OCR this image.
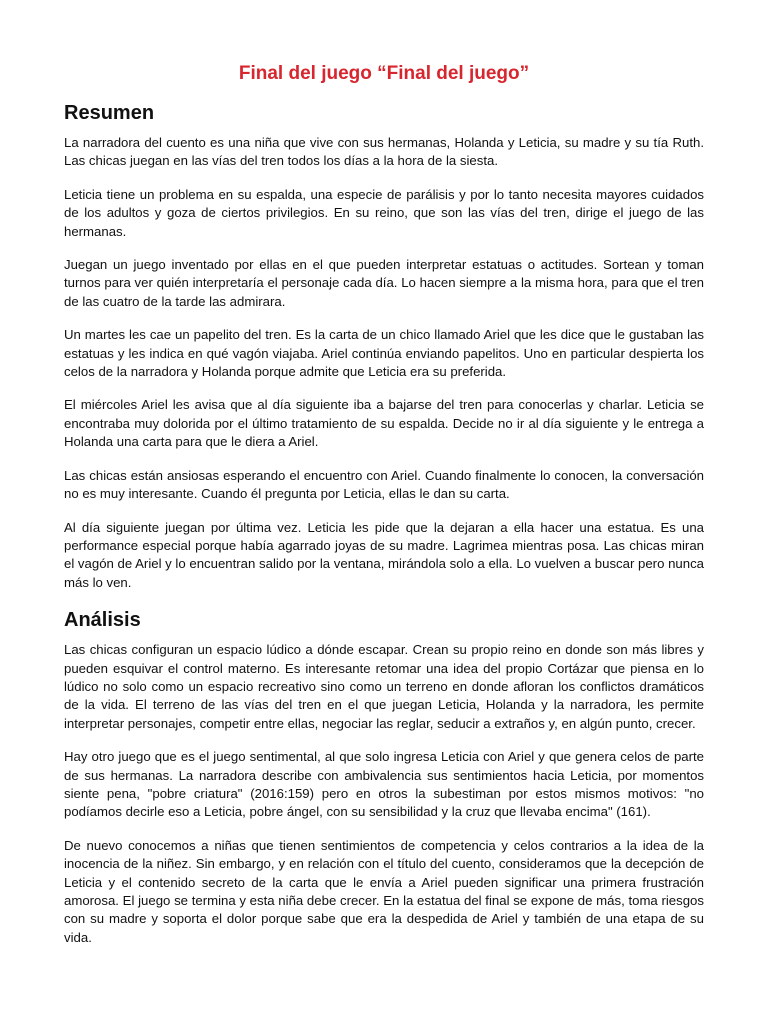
Final del juego “Final del juego”
Resumen

La narradora del cuento es una niña que vive con sus hermanas, Holanda y Leticia, su madre y su tía Ruth. Las chicas juegan en las vías del tren todos los días a la hora de la siesta.

Leticia tiene un problema en su espalda, una especie de parálisis y por lo tanto necesita mayores cuidados de los adultos y goza de ciertos privilegios. En su reino, que son las vías del tren, dirige el juego de las hermanas.

Juegan un juego inventado por ellas en el que pueden interpretar estatuas o actitudes. Sortean y toman turnos para ver quién interpretaría el personaje cada día. Lo hacen siempre a la misma hora, para que el tren de las cuatro de la tarde las admirara.

Un martes les cae un papelito del tren. Es la carta de un chico llamado Ariel que les dice que le gustaban las estatuas y les indica en qué vagón viajaba. Ariel continúa enviando papelitos. Uno en particular despierta los celos de la narradora y Holanda porque admite que Leticia era su preferida.

El miércoles Ariel les avisa que al día siguiente iba a bajarse del tren para conocerlas y charlar. Leticia se encontraba muy dolorida por el último tratamiento de su espalda. Decide no ir al día siguiente y le entrega a Holanda una carta para que le diera a Ariel.

Las chicas están ansiosas esperando el encuentro con Ariel. Cuando finalmente lo conocen, la conversación no es muy interesante. Cuando él pregunta por Leticia, ellas le dan su carta.

Al día siguiente juegan por última vez. Leticia les pide que la dejaran a ella hacer una estatua. Es una performance especial porque había agarrado joyas de su madre. Lagrimea mientras posa. Las chicas miran el vagón de Ariel y lo encuentran salido por la ventana, mirándola solo a ella. Lo vuelven a buscar pero nunca más lo ven.

Análisis

Las chicas configuran un espacio lúdico a dónde escapar. Crean su propio reino en donde son más libres y pueden esquivar el control materno. Es interesante retomar una idea del propio Cortázar que piensa en lo lúdico no solo como un espacio recreativo sino como un terreno en donde afloran los conflictos dramáticos de la vida. El terreno de las vías del tren en el que juegan Leticia, Holanda y la narradora, les permite interpretar personajes, competir entre ellas, negociar las reglar, seducir a extraños y, en algún punto, crecer.

Hay otro juego que es el juego sentimental, al que solo ingresa Leticia con Ariel y que genera celos de parte de sus hermanas. La narradora describe con ambivalencia sus sentimientos hacia Leticia, por momentos siente pena, "pobre criatura" (2016:159) pero en otros la subestiman por estos mismos motivos: "no podíamos decirle eso a Leticia, pobre ángel, con su sensibilidad y la cruz que llevaba encima" (161).

De nuevo conocemos a niñas que tienen sentimientos de competencia y celos contrarios a la idea de la inocencia de la niñez. Sin embargo, y en relación con el título del cuento, consideramos que la decepción de Leticia y el contenido secreto de la carta que le envía a Ariel pueden significar una primera frustración amorosa. El juego se termina y esta niña debe crecer. En la estatua del final se expone de más, toma riesgos con su madre y soporta el dolor porque sabe que era la despedida de Ariel y también de una etapa de su vida.
